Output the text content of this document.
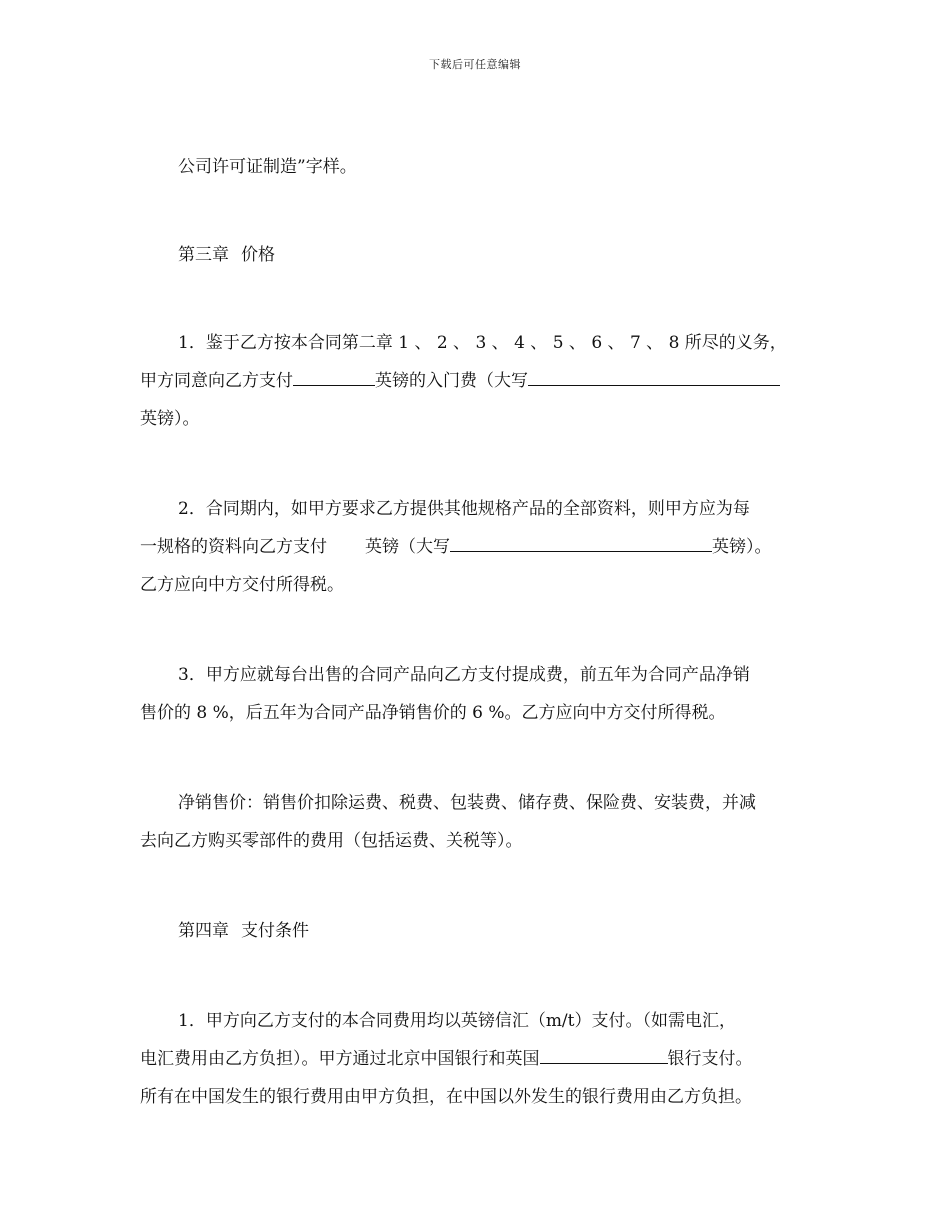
下载后可任意编辑

公司许可证制造”字样。

第三章 价格

1．鉴于乙方按本合同第二章 1 、 2 、 3 、 4 、 5 、 6 、 7 、 8 所尽的义务，

甲方同意向乙方支付	英镑的入门费（大写

英镑）。

2．合同期内，如甲方要求乙方提供其他规格产品的全部资料，则甲方应为每

一规格的资料向乙方支付 英镑（大写	英镑）。

乙方应向中方交付所得税。

3．甲方应就每台出售的合同产品向乙方支付提成费，前五年为合同产品净销

售价的 8 %，后五年为合同产品净销售价的 6 %。乙方应向中方交付所得税。

净销售价：销售价扣除运费、税费、包装费、储存费、保险费、安装费，并减

去向乙方购买零部件的费用（包括运费、关税等）。

第四章 支付条件

1．甲方向乙方支付的本合同费用均以英镑信汇（m/t）支付。（如需电汇，

电汇费用由乙方负担）。甲方通过北京中国银行和英国	银行支付。

所有在中国发生的银行费用由甲方负担，在中国以外发生的银行费用由乙方负担。
